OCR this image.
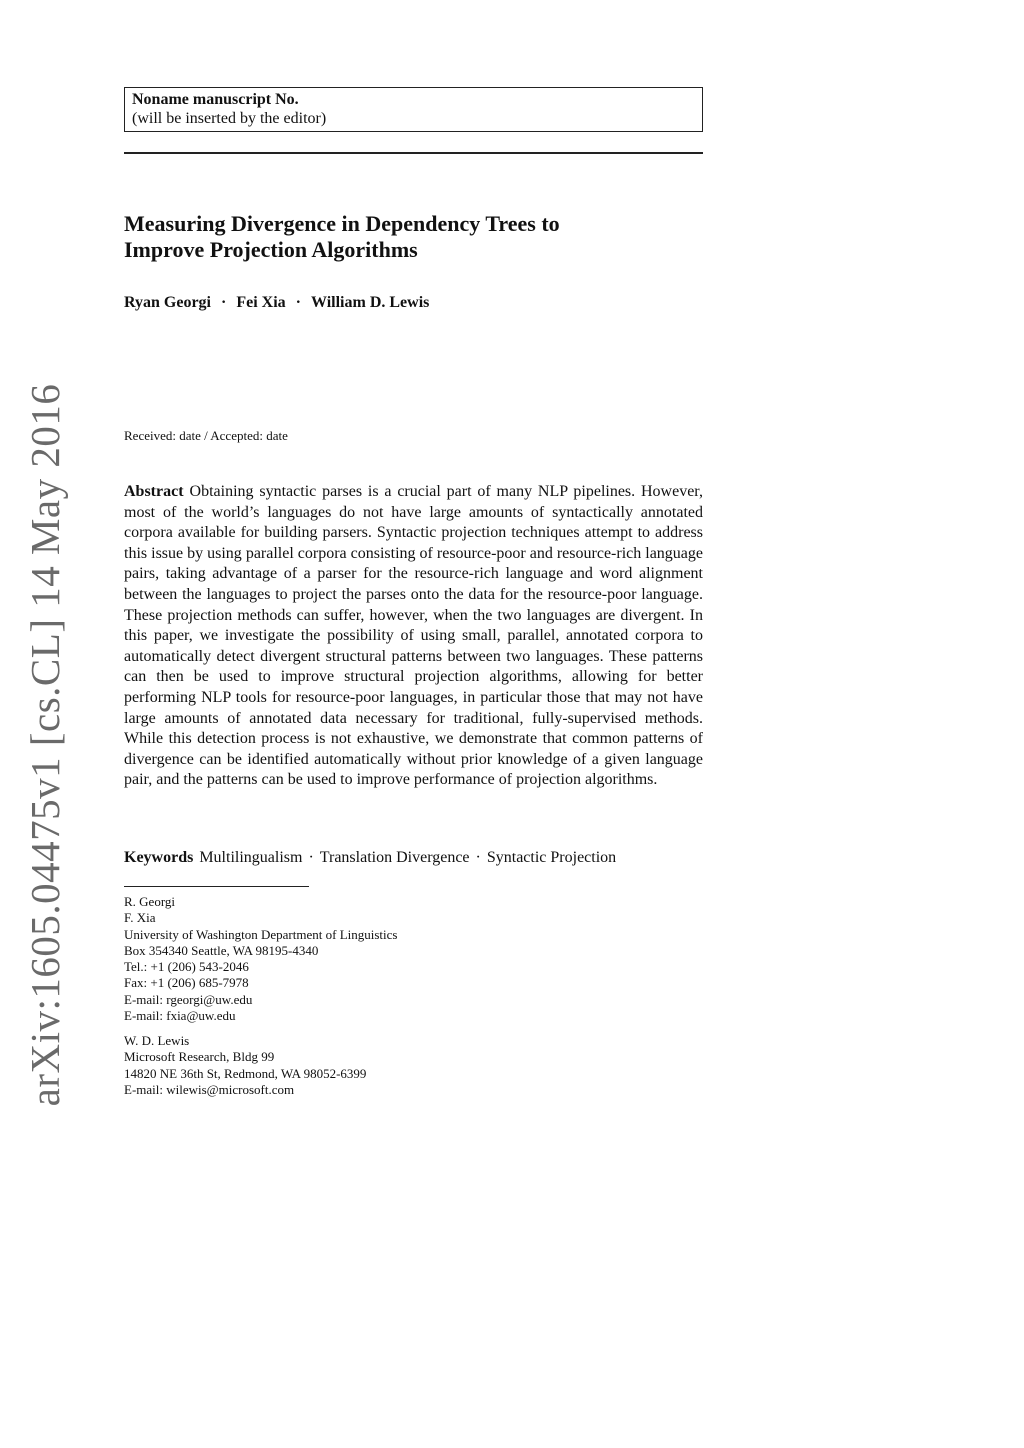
arXiv:1605.04475v1 [cs.CL] 14 May 2016
Noname manuscript No.
(will be inserted by the editor)
Measuring Divergence in Dependency Trees to
Improve Projection Algorithms
Ryan Georgi · Fei Xia · William D. Lewis
Received: date / Accepted: date
Abstract Obtaining syntactic parses is a crucial part of many NLP pipelines. However, most of the world’s languages do not have large amounts of syntactically annotated corpora available for building parsers. Syntactic projection techniques attempt to address this issue by using parallel corpora consisting of resource-poor and resource-rich language pairs, taking advantage of a parser for the resource-rich language and word alignment between the languages to project the parses onto the data for the resource-poor language. These projection methods can suffer, however, when the two languages are divergent. In this paper, we investigate the possibility of using small, parallel, annotated corpora to automatically detect divergent structural patterns between two languages. These patterns can then be used to improve structural projection algorithms, allowing for better performing NLP tools for resource-poor languages, in particular those that may not have large amounts of annotated data necessary for traditional, fully-supervised methods. While this detection process is not exhaustive, we demonstrate that common patterns of divergence can be identified automatically without prior knowledge of a given language pair, and the patterns can be used to improve performance of projection algorithms.
Keywords Multilingualism · Translation Divergence · Syntactic Projection
R. Georgi
F. Xia
University of Washington Department of Linguistics
Box 354340 Seattle, WA 98195-4340
Tel.: +1 (206) 543-2046
Fax: +1 (206) 685-7978
E-mail: rgeorgi@uw.edu
E-mail: fxia@uw.edu
W. D. Lewis
Microsoft Research, Bldg 99
14820 NE 36th St, Redmond, WA 98052-6399
E-mail: wilewis@microsoft.com
